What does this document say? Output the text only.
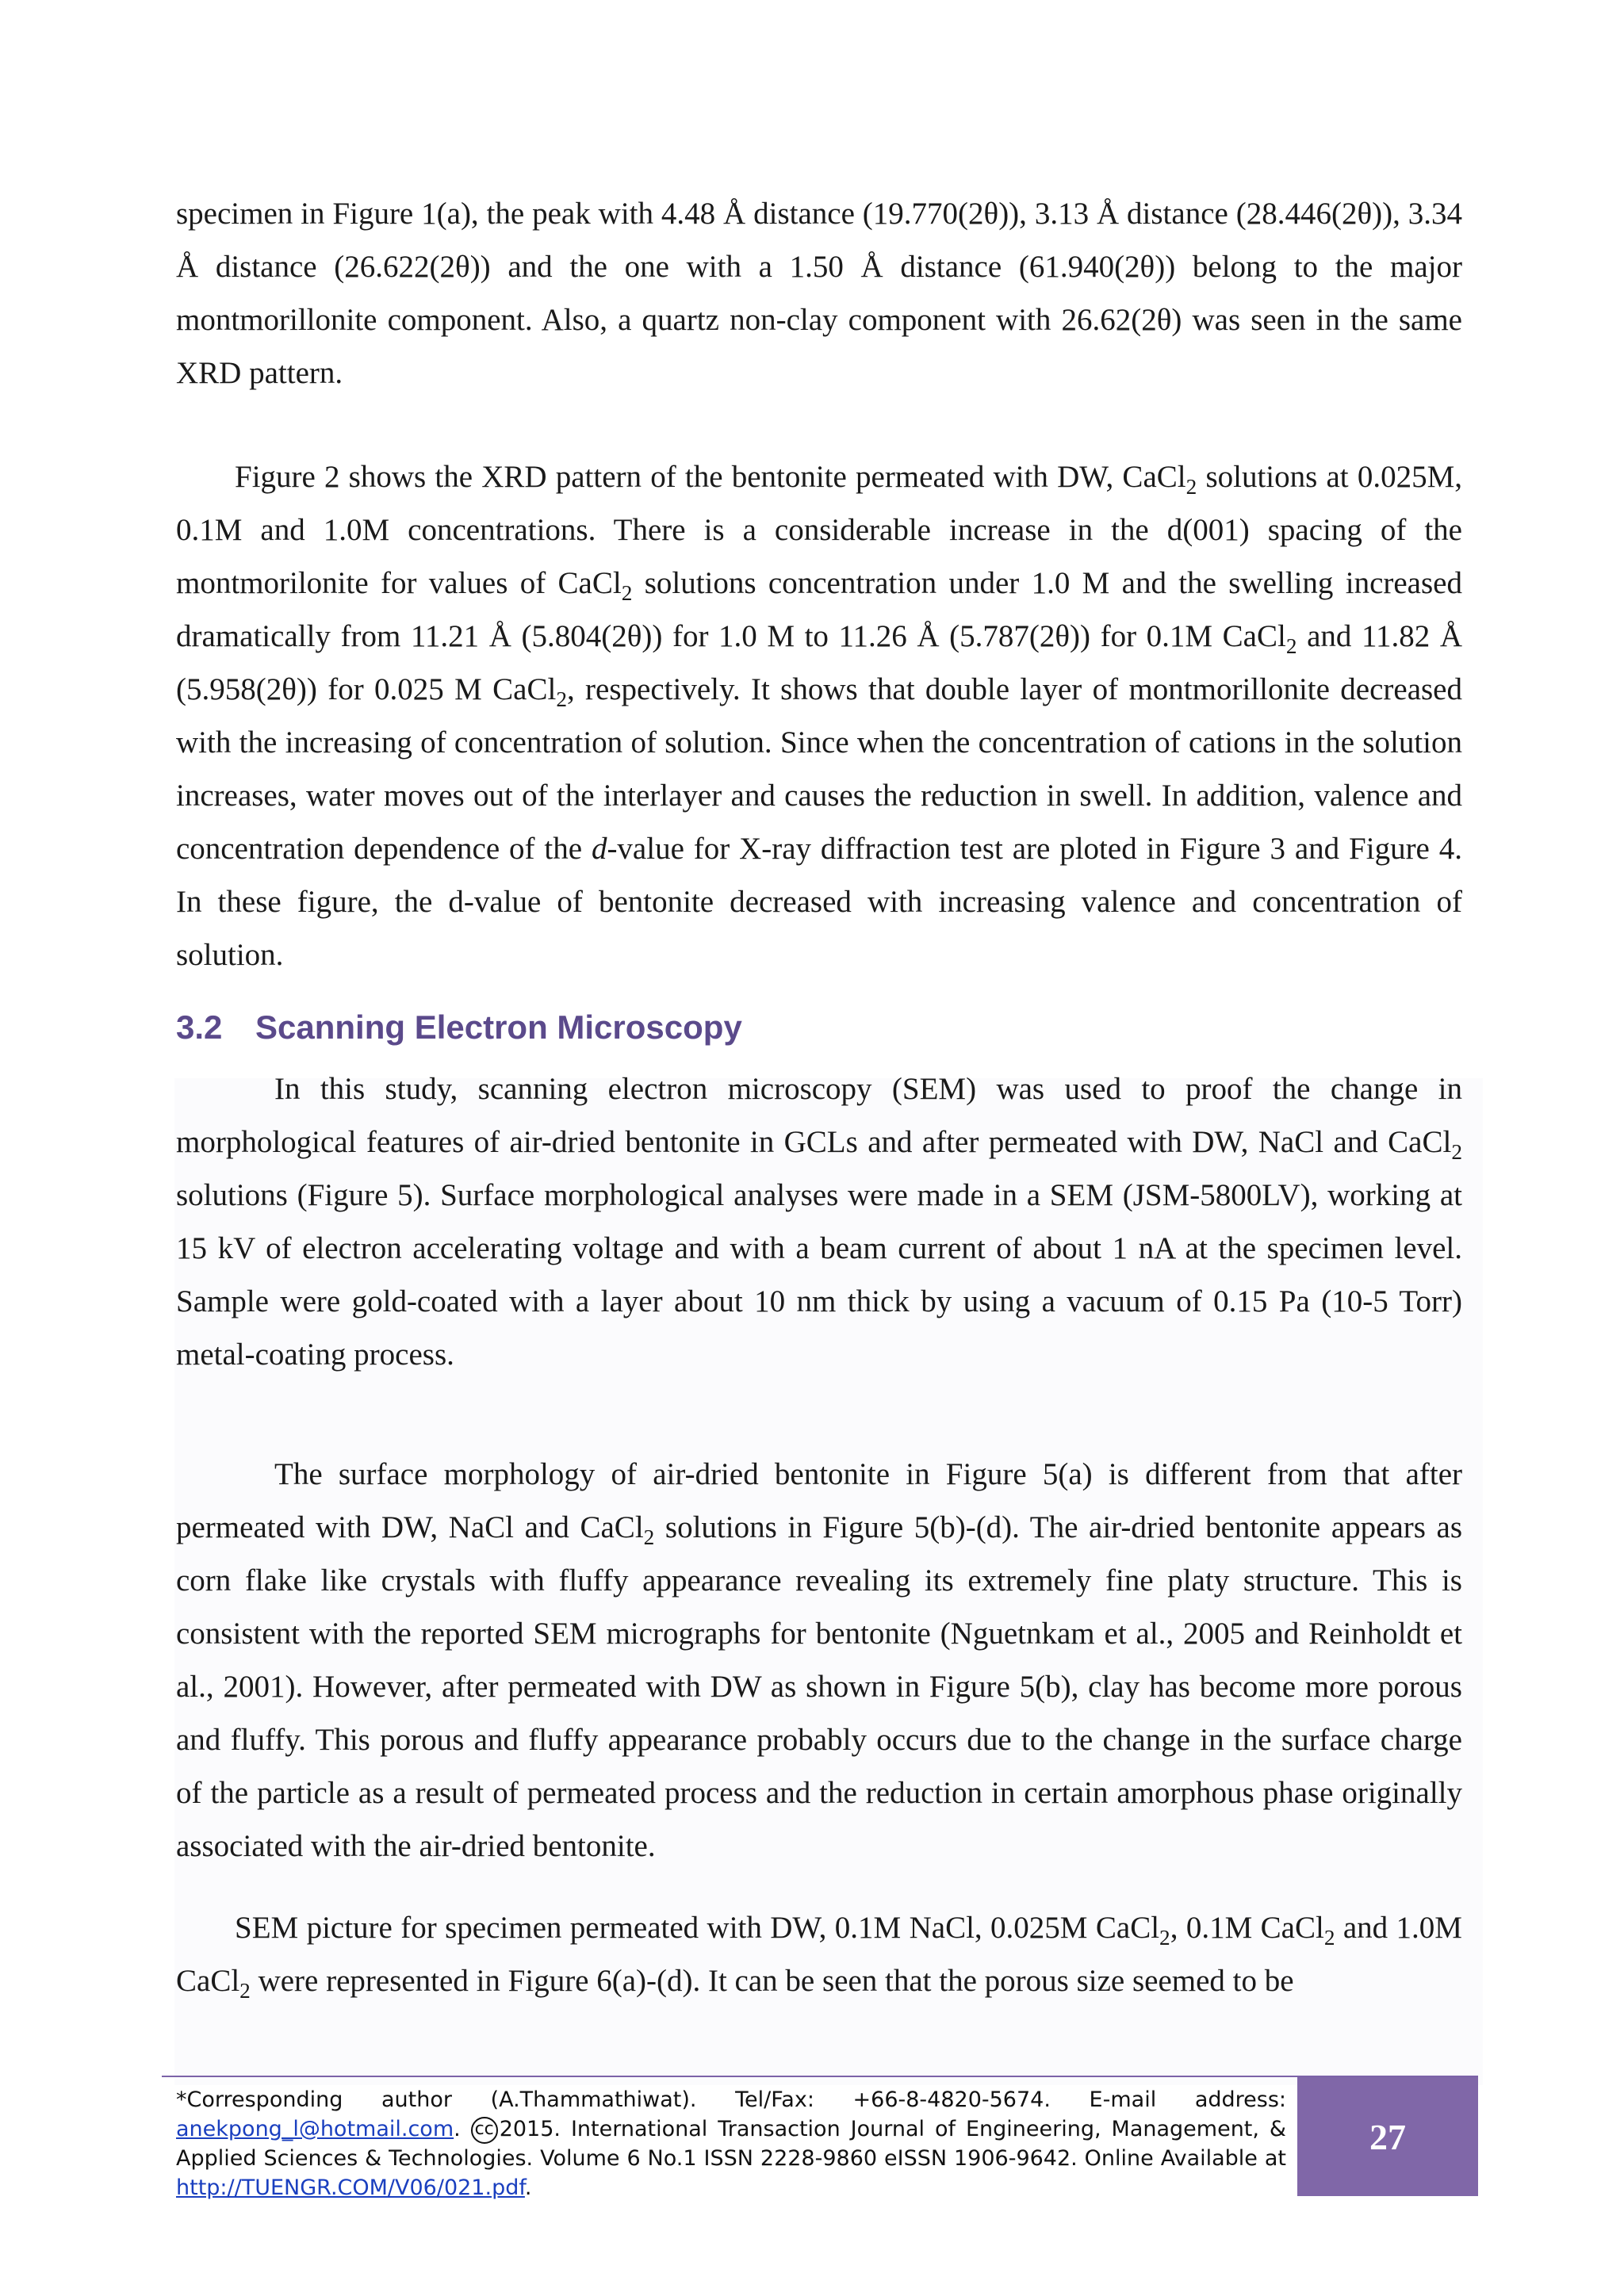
specimen in Figure 1(a), the peak with 4.48 Å distance (19.770(2θ)), 3.13 Å distance (28.446(2θ)), 3.34 Å distance (26.622(2θ)) and the one with a 1.50 Å distance (61.940(2θ)) belong to the major montmorillonite component. Also, a quartz non-clay component with 26.62(2θ) was seen in the same XRD pattern.

Figure 2 shows the XRD pattern of the bentonite permeated with DW, CaCl$_2$ solutions at 0.025M, 0.1M and 1.0M concentrations. There is a considerable increase in the d(001) spacing of the montmorilonite for values of CaCl$_2$ solutions concentration under 1.0 M and the swelling increased dramatically from 11.21 Å (5.804(2θ)) for 1.0 M to 11.26 Å (5.787(2θ)) for 0.1M CaCl$_2$ and 11.82 Å (5.958(2θ)) for 0.025 M CaCl$_2$, respectively. It shows that double layer of montmorillonite decreased with the increasing of concentration of solution. Since when the concentration of cations in the solution increases, water moves out of the interlayer and causes the reduction in swell. In addition, valence and concentration dependence of the d-value for X-ray diffraction test are ploted in Figure 3 and Figure 4. In these figure, the d-value of bentonite decreased with increasing valence and concentration of solution.

3.2 Scanning Electron Microscopy

In this study, scanning electron microscopy (SEM) was used to proof the change in morphological features of air-dried bentonite in GCLs and after permeated with DW, NaCl and CaCl$_2$ solutions (Figure 5). Surface morphological analyses were made in a SEM (JSM-5800LV), working at 15 kV of electron accelerating voltage and with a beam current of about 1 nA at the specimen level. Sample were gold-coated with a layer about 10 nm thick by using a vacuum of 0.15 Pa (10-5 Torr) metal-coating process.

The surface morphology of air-dried bentonite in Figure 5(a) is different from that after permeated with DW, NaCl and CaCl$_2$ solutions in Figure 5(b)-(d). The air-dried bentonite appears as corn flake like crystals with fluffy appearance revealing its extremely fine platy structure. This is consistent with the reported SEM micrographs for bentonite (Nguetnkam et al., 2005 and Reinholdt et al., 2001). However, after permeated with DW as shown in Figure 5(b), clay has become more porous and fluffy. This porous and fluffy appearance probably occurs due to the change in the surface charge of the particle as a result of permeated process and the reduction in certain amorphous phase originally associated with the air-dried bentonite.

SEM picture for specimen permeated with DW, 0.1M NaCl, 0.025M CaCl$_2$, 0.1M CaCl$_2$ and 1.0M CaCl$_2$ were represented in Figure 6(a)-(d). It can be seen that the porous size seemed to be

*Corresponding author (A.Thammathiwat). Tel/Fax: +66-8-4820-5674. E-mail address: anekpong_l@hotmail.com. cc 2015. International Transaction Journal of Engineering, Management, & Applied Sciences & Technologies. Volume 6 No.1 ISSN 2228-9860 eISSN 1906-9642. Online Available at http://TUENGR.COM/V06/021.pdf.
27
